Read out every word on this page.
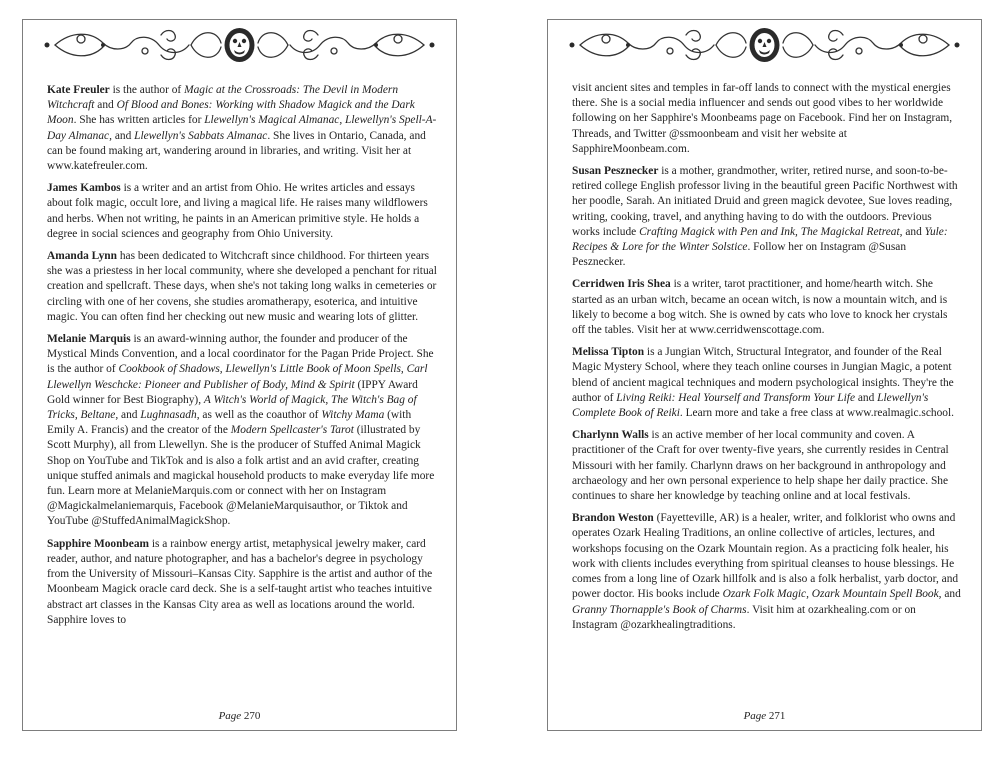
Kate Freuler is the author of Magic at the Crossroads: The Devil in Modern Witchcraft and Of Blood and Bones: Working with Shadow Magick and the Dark Moon. She has written articles for Llewellyn's Magical Almanac, Llewellyn's Spell-A-Day Almanac, and Llewellyn's Sabbats Almanac. She lives in Ontario, Canada, and can be found making art, wandering around in libraries, and writing. Visit her at www.katefreuler.com.

James Kambos is a writer and an artist from Ohio. He writes articles and essays about folk magic, occult lore, and living a magical life. He raises many wildflowers and herbs. When not writing, he paints in an American primitive style. He holds a degree in social sciences and geography from Ohio University.

Amanda Lynn has been dedicated to Witchcraft since childhood. For thirteen years she was a priestess in her local community, where she developed a penchant for ritual creation and spellcraft. These days, when she's not taking long walks in cemeteries or circling with one of her covens, she studies aromatherapy, esoterica, and intuitive magic. You can often find her checking out new music and wearing lots of glitter.

Melanie Marquis is an award-winning author, the founder and producer of the Mystical Minds Convention, and a local coordinator for the Pagan Pride Project. She is the author of Cookbook of Shadows, Llewellyn's Little Book of Moon Spells, Carl Llewellyn Weschcke: Pioneer and Publisher of Body, Mind & Spirit (IPPY Award Gold winner for Best Biography), A Witch's World of Magick, The Witch's Bag of Tricks, Beltane, and Lughnasadh, as well as the coauthor of Witchy Mama (with Emily A. Francis) and the creator of the Modern Spellcaster's Tarot (illustrated by Scott Murphy), all from Llewellyn. She is the producer of Stuffed Animal Magick Shop on YouTube and TikTok and is also a folk artist and an avid crafter, creating unique stuffed animals and magickal household products to make everyday life more fun. Learn more at MelanieMarquis.com or connect with her on Instagram @Magickalmelaniemarquis, Facebook @MelanieMarquisauthor, or Tiktok and YouTube @StuffedAnimalMagickShop.

Sapphire Moonbeam is a rainbow energy artist, metaphysical jewelry maker, card reader, author, and nature photographer, and has a bachelor's degree in psychology from the University of Missouri–Kansas City. Sapphire is the artist and author of the Moonbeam Magick oracle card deck. She is a self-taught artist who teaches intuitive abstract art classes in the Kansas City area as well as locations around the world. Sapphire loves to

Page 270

visit ancient sites and temples in far-off lands to connect with the mystical energies there. She is a social media influencer and sends out good vibes to her worldwide following on her Sapphire's Moonbeams page on Facebook. Find her on Instagram, Threads, and Twitter @ssmoonbeam and visit her website at SapphireMoonbeam.com.

Susan Pesznecker is a mother, grandmother, writer, retired nurse, and soon-to-be-retired college English professor living in the beautiful green Pacific Northwest with her poodle, Sarah. An initiated Druid and green magick devotee, Sue loves reading, writing, cooking, travel, and anything having to do with the outdoors. Previous works include Crafting Magick with Pen and Ink, The Magickal Retreat, and Yule: Recipes & Lore for the Winter Solstice. Follow her on Instagram @Susan Pesznecker.

Cerridwen Iris Shea is a writer, tarot practitioner, and home/hearth witch. She started as an urban witch, became an ocean witch, is now a mountain witch, and is likely to become a bog witch. She is owned by cats who love to knock her crystals off the tables. Visit her at www.cerridwenscottage.com.

Melissa Tipton is a Jungian Witch, Structural Integrator, and founder of the Real Magic Mystery School, where they teach online courses in Jungian Magic, a potent blend of ancient magical techniques and modern psychological insights. They're the author of Living Reiki: Heal Yourself and Transform Your Life and Llewellyn's Complete Book of Reiki. Learn more and take a free class at www.realmagic.school.

Charlynn Walls is an active member of her local community and coven. A practitioner of the Craft for over twenty-five years, she currently resides in Central Missouri with her family. Charlynn draws on her background in anthropology and archaeology and her own personal experience to help shape her daily practice. She continues to share her knowledge by teaching online and at local festivals.

Brandon Weston (Fayetteville, AR) is a healer, writer, and folklorist who owns and operates Ozark Healing Traditions, an online collective of articles, lectures, and workshops focusing on the Ozark Mountain region. As a practicing folk healer, his work with clients includes everything from spiritual cleanses to house blessings. He comes from a long line of Ozark hillfolk and is also a folk herbalist, yarb doctor, and power doctor. His books include Ozark Folk Magic, Ozark Mountain Spell Book, and Granny Thornapple's Book of Charms. Visit him at ozarkhealing.com or on Instagram @ozarkhealingtraditions.

Page 271
